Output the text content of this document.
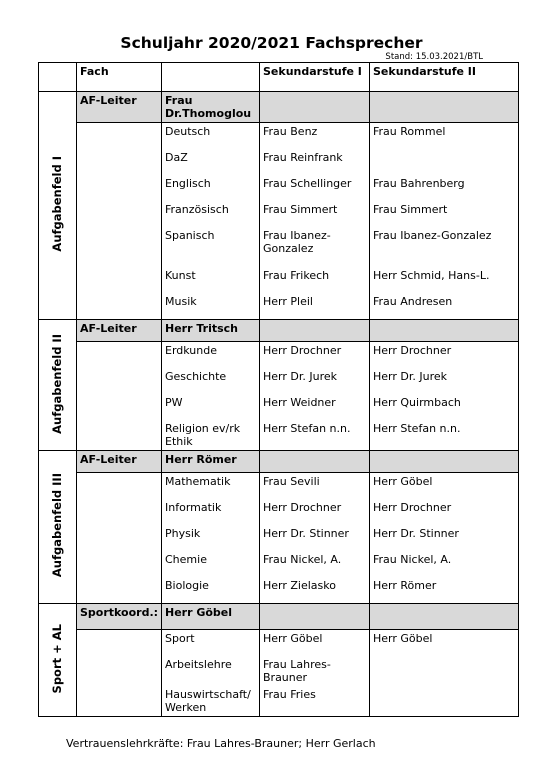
Schuljahr 2020/2021 Fachsprecher
Stand: 15.03.2021/BTL
	Fach		Sekundarstufe I	Sekundarstufe II
Aufgabenfeld I	AF-Leiter	Frau Dr.Thomoglou		
		Deutsch	Frau Benz	Frau Rommel
		DaZ	Frau Reinfrank	
		Englisch	Frau Schellinger	Frau Bahrenberg
		Französisch	Frau Simmert	Frau Simmert
		Spanisch	Frau Ibanez-Gonzalez	Frau Ibanez-Gonzalez
		Kunst	Frau Frikech	Herr Schmid, Hans-L.
		Musik	Herr Pleil	Frau Andresen
Aufgabenfeld II	AF-Leiter	Herr Tritsch		
		Erdkunde	Herr Drochner	Herr Drochner
		Geschichte	Herr Dr. Jurek	Herr Dr. Jurek
		PW	Herr Weidner	Herr Quirmbach
		Religion ev/rk Ethik	Herr Stefan n.n.	Herr Stefan n.n.
Aufgabenfeld III	AF-Leiter	Herr Römer		
		Mathematik	Frau Sevili	Herr Göbel
		Informatik	Herr Drochner	Herr Drochner
		Physik	Herr Dr. Stinner	Herr Dr. Stinner
		Chemie	Frau Nickel, A.	Frau Nickel, A.
		Biologie	Herr Zielasko	Herr Römer
Sport + AL	Sportkoord.:	Herr Göbel		
		Sport	Herr Göbel	Herr Göbel
		Arbeitslehre	Frau Lahres-Brauner	
		Hauswirtschaft/ Werken	Frau Fries	
Vertrauenslehrkräfte: Frau Lahres-Brauner; Herr Gerlach
